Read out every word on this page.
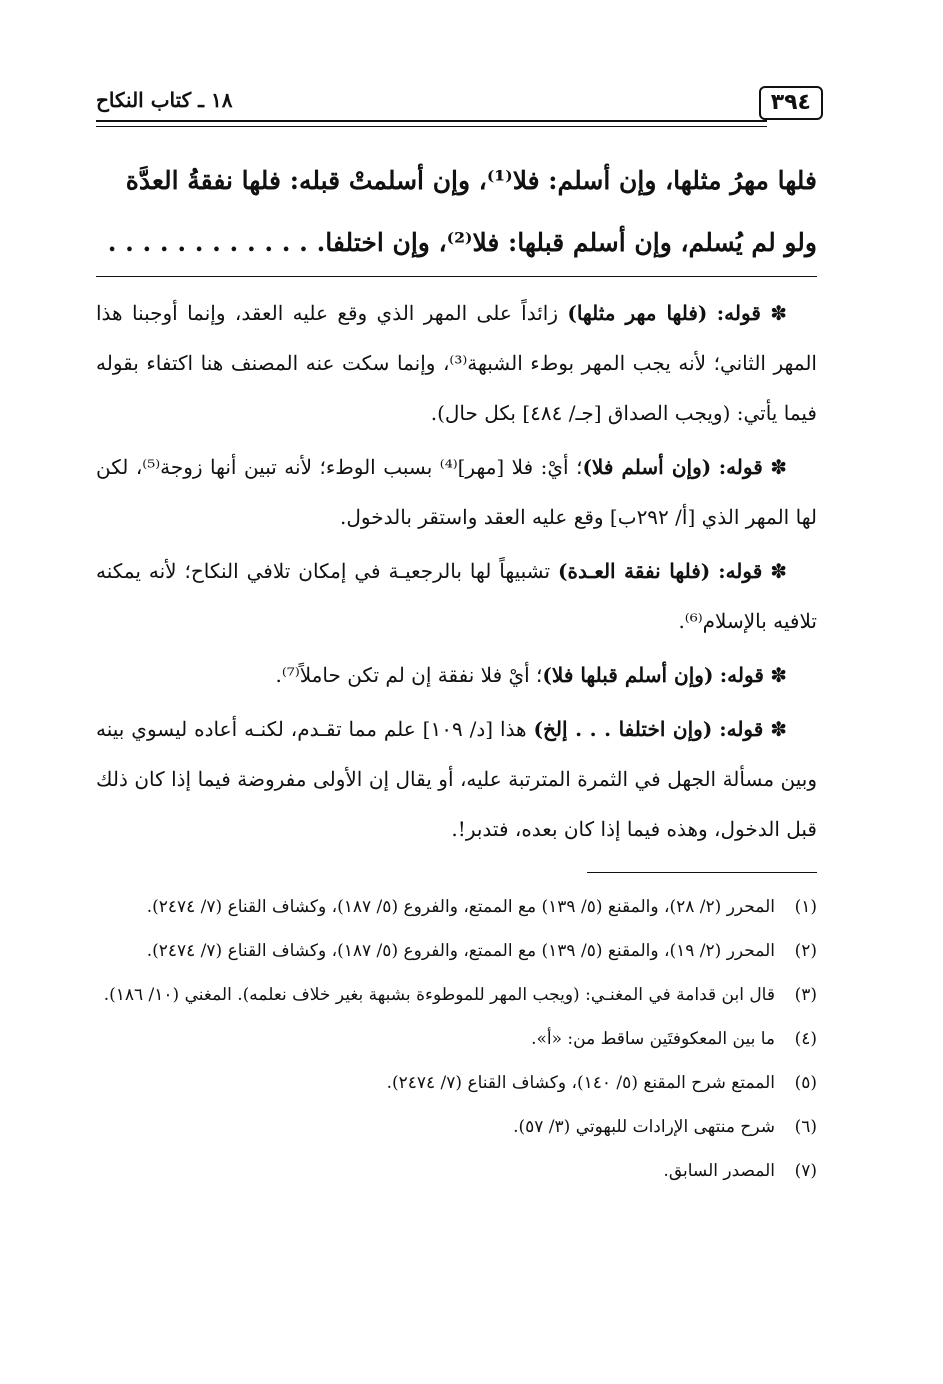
٣٩٤
١٨ ـ كتاب النكاح
فلها مهرُ مثلها، وإن أسلم: فلا⁽¹⁾، وإن أسلمتْ قبله: فلها نفقةُ العدَّة
ولو لم يُسلم، وإن أسلم قبلها: فلا⁽²⁾، وإن اختلفا. . . . . . . . . . . . .

✽ قوله: (فلها مهر مثلها) زائداً على المهر الذي وقع عليه العقد، وإنما أوجبنا هذا المهر الثاني؛ لأنه يجب المهر بوطء الشبهة⁽³⁾، وإنما سكت عنه المصنف هنا اكتفاء بقوله فيما يأتي: (ويجب الصداق [جـ/ ٤٨٤] بكل حال).

✽ قوله: (وإن أسلم فلا)؛ أيْ: فلا [مهر]⁽⁴⁾ بسبب الوطء؛ لأنه تبين أنها زوجة⁽⁵⁾، لكن لها المهر الذي [أ/ ٢٩٢ب] وقع عليه العقد واستقر بالدخول.

✽ قوله: (فلها نفقة العـدة) تشبيهاً لها بالرجعيـة في إمكان تلافي النكاح؛ لأنه يمكنه تلافيه بالإسلام⁽⁶⁾.

✽ قوله: (وإن أسلم قبلها فلا)؛ أيْ فلا نفقة إن لم تكن حاملاً⁽⁷⁾.

✽ قوله: (وإن اختلفا . . . إلخ) هذا [د/ ١٠٩] علم مما تقـدم، لكنـه أعاده ليسوي بينه وبين مسألة الجهل في الثمرة المترتبة عليه، أو يقال إن الأولى مفروضة فيما إذا كان ذلك قبل الدخول، وهذه فيما إذا كان بعده، فتدبر!.

(١)
المحرر (٢/ ٢٨)، والمقنع (٥/ ١٣٩) مع الممتع، والفروع (٥/ ١٨٧)، وكشاف القناع (٧/ ٢٤٧٤).
(٢)
المحرر (٢/ ١٩)، والمقنع (٥/ ١٣٩) مع الممتع، والفروع (٥/ ١٨٧)، وكشاف القناع (٧/ ٢٤٧٤).
(٣)
قال ابن قدامة في المغنـي: (ويجب المهر للموطوءة بشبهة بغير خلاف نعلمه). المغني (١٠/ ١٨٦).
(٤)
ما بين المعكوفتَين ساقط من: «أ».
(٥)
الممتع شرح المقنع (٥/ ١٤٠)، وكشاف القناع (٧/ ٢٤٧٤).
(٦)
شرح منتهى الإرادات للبهوتي (٣/ ٥٧).
(٧)
المصدر السابق.
